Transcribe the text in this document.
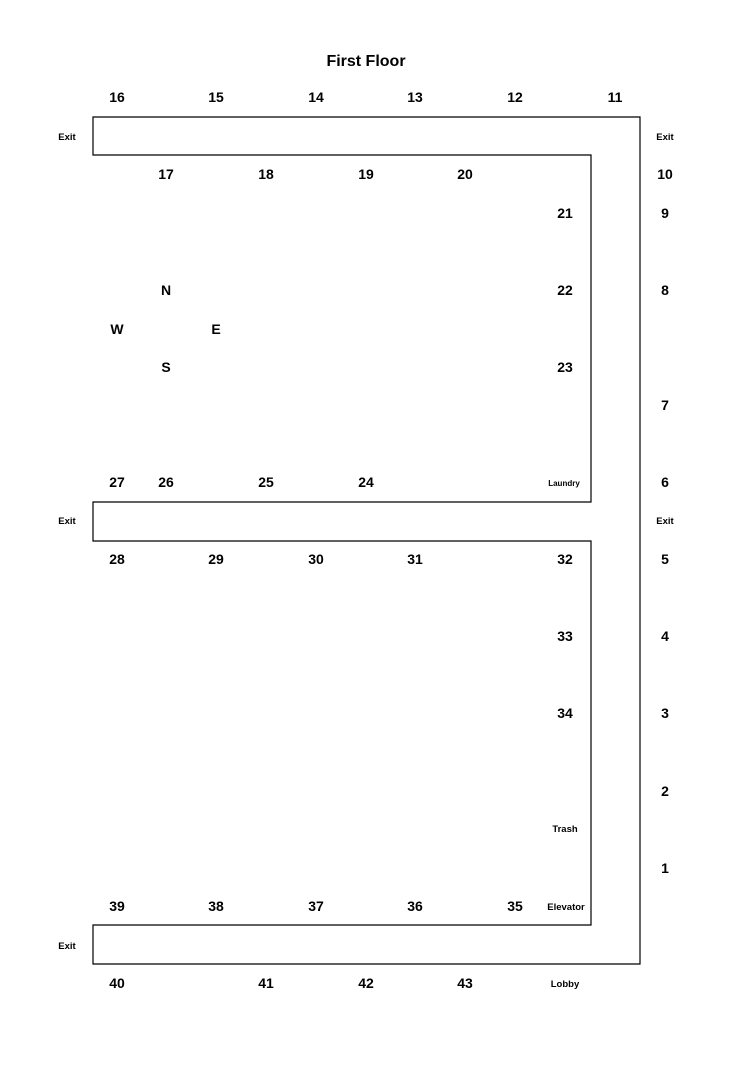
First Floor
N
W	E
S
Exit	Exit
Exit	Exit
Exit
Laundry
Trash
Elevator
Lobby
16	15	14	13	12	11
17	18	19	20	10
9
8
7
6
5
4
3
2
1
21
22
23
27 26	25	24
28	29	30	31	32
33
34
39	38	37	36	35
40	41	42	43
